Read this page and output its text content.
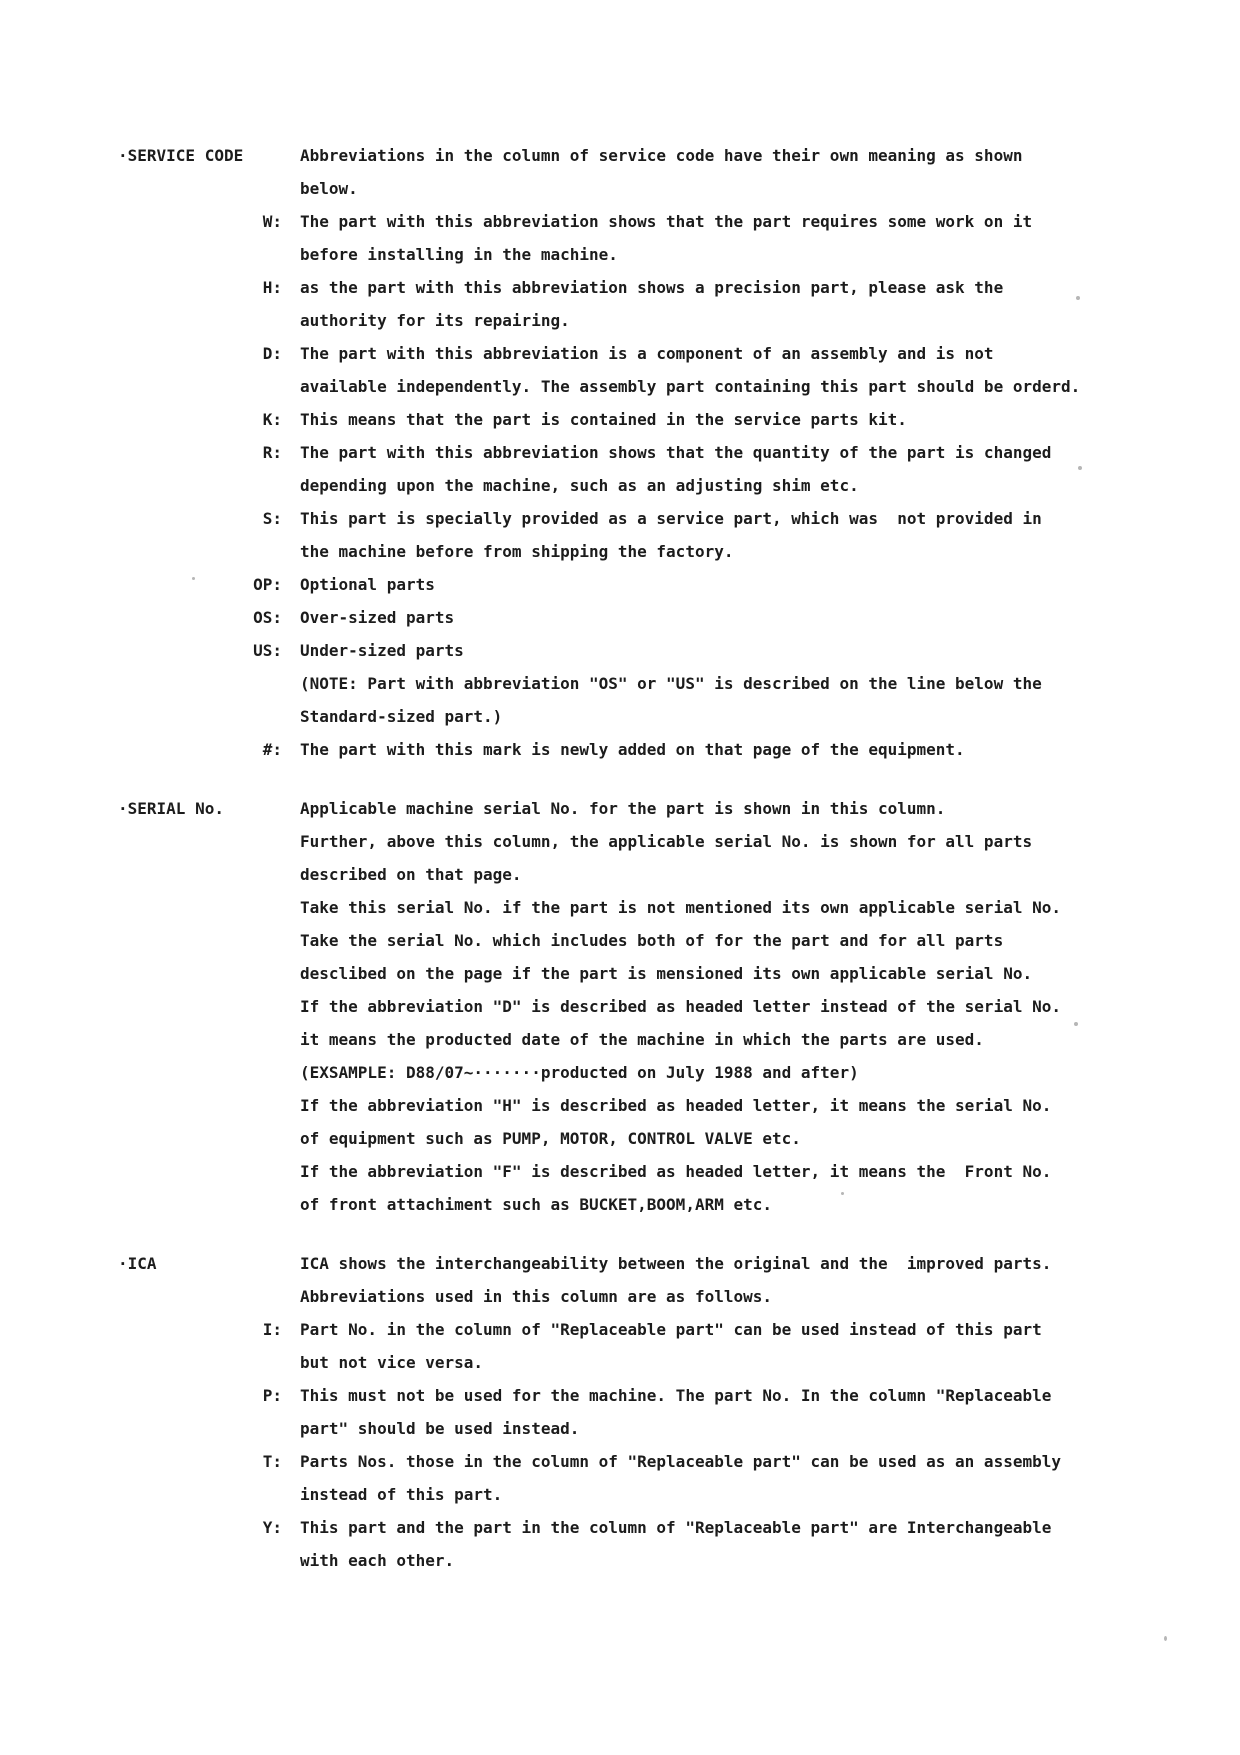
·SERVICE CODE	Abbreviations in the column of service code have their own meaning as shown
below.
W: The part with this abbreviation shows that the part requires some work on it
before installing in the machine.
H: as the part with this abbreviation shows a precision part, please ask the
authority for its repairing.
D: The part with this abbreviation is a component of an assembly and is not
available independently. The assembly part containing this part should be orderd.
K: This means that the part is contained in the service parts kit.
R: The part with this abbreviation shows that the quantity of the part is changed
depending upon the machine, such as an adjusting shim etc.
S: This part is specially provided as a service part, which was  not provided in
the machine before from shipping the factory.
OP: Optional parts
OS: Over-sized parts
US: Under-sized parts
(NOTE: Part with abbreviation "OS" or "US" is described on the line below the
Standard-sized part.)
#: The part with this mark is newly added on that page of the equipment.
·SERIAL No.	Applicable machine serial No. for the part is shown in this column.
Further, above this column, the applicable serial No. is shown for all parts
described on that page.
Take this serial No. if the part is not mentioned its own applicable serial No.
Take the serial No. which includes both of for the part and for all parts
desclibed on the page if the part is mensioned its own applicable serial No.
If the abbreviation "D" is described as headed letter instead of the serial No.
it means the producted date of the machine in which the parts are used.
(EXSAMPLE: D88/07~·······producted on July 1988 and after)
If the abbreviation "H" is described as headed letter, it means the serial No.
of equipment such as PUMP, MOTOR, CONTROL VALVE etc.
If the abbreviation "F" is described as headed letter, it means the  Front No.
of front attachiment such as BUCKET,BOOM,ARM etc.
·ICA	ICA shows the interchangeability between the original and the  improved parts.
Abbreviations used in this column are as follows.
I: Part No. in the column of "Replaceable part" can be used instead of this part
but not vice versa.
P: This must not be used for the machine. The part No. In the column "Replaceable
part" should be used instead.
T: Parts Nos. those in the column of "Replaceable part" can be used as an assembly
instead of this part.
Y: This part and the part in the column of "Replaceable part" are Interchangeable
with each other.
